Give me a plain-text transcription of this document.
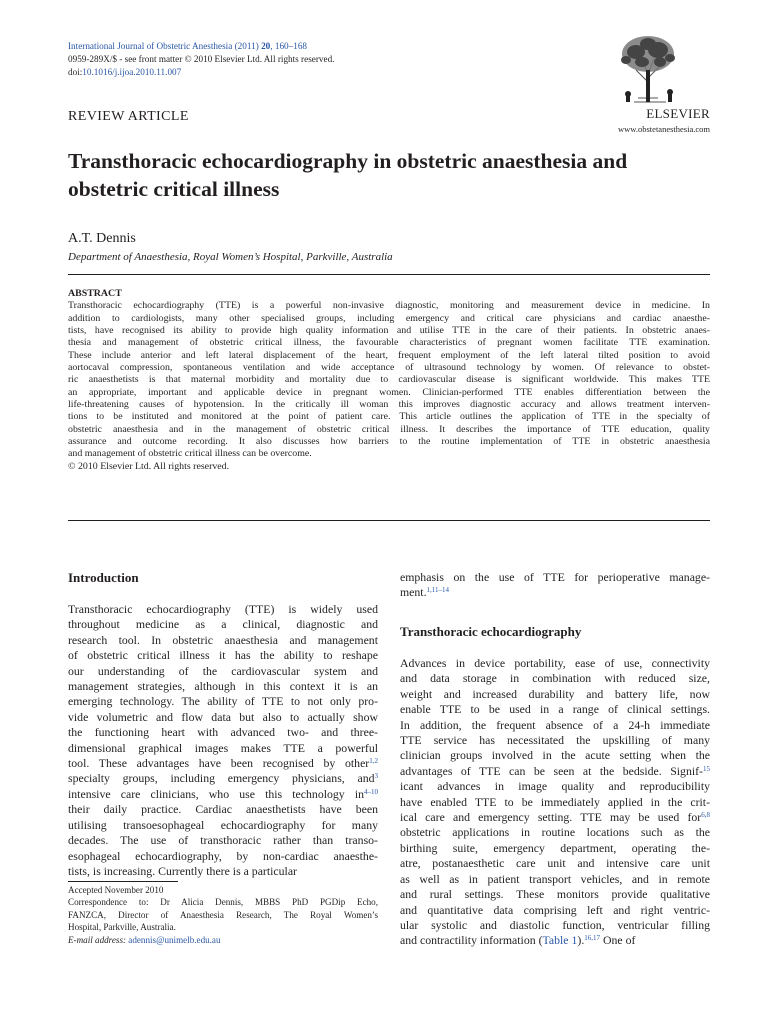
International Journal of Obstetric Anesthesia (2011) 20, 160–168
0959-289X/$ - see front matter © 2010 Elsevier Ltd. All rights reserved.
doi:10.1016/j.ijoa.2010.11.007
ELSEVIER
www.obstetanesthesia.com
REVIEW ARTICLE
Transthoracic echocardiography in obstetric anaesthesia and
obstetric critical illness
A.T. Dennis
Department of Anaesthesia, Royal Women’s Hospital, Parkville, Australia
ABSTRACT
Transthoracic echocardiography (TTE) is a powerful non-invasive diagnostic, monitoring and measurement device in medicine. In
addition to cardiologists, many other specialised groups, including emergency and critical care physicians and cardiac anaesthe-
tists, have recognised its ability to provide high quality information and utilise TTE in the care of their patients. In obstetric anaes-
thesia and management of obstetric critical illness, the favourable characteristics of pregnant women facilitate TTE examination.
These include anterior and left lateral displacement of the heart, frequent employment of the left lateral tilted position to avoid
aortocaval compression, spontaneous ventilation and wide acceptance of ultrasound technology by women. Of relevance to obstet-
ric anaesthetists is that maternal morbidity and mortality due to cardiovascular disease is significant worldwide. This makes TTE
an appropriate, important and applicable device in pregnant women. Clinician-performed TTE enables differentiation between the
life-threatening causes of hypotension. In the critically ill woman this improves diagnostic accuracy and allows treatment interven-
tions to be instituted and monitored at the point of patient care. This article outlines the application of TTE in the specialty of
obstetric anaesthesia and in the management of obstetric critical illness. It describes the importance of TTE education, quality
assurance and outcome recording. It also discusses how barriers to the routine implementation of TTE in obstetric anaesthesia
and management of obstetric critical illness can be overcome.
© 2010 Elsevier Ltd. All rights reserved.
Introduction
Transthoracic echocardiography (TTE) is widely used
throughout medicine as a clinical, diagnostic and
research tool. In obstetric anaesthesia and management
of obstetric critical illness it has the ability to reshape
our understanding of the cardiovascular system and
management strategies, although in this context it is an
emerging technology. The ability of TTE to not only pro-
vide volumetric and flow data but also to actually show
the functioning heart with advanced two- and three-
dimensional graphical images makes TTE a powerful
tool. These advantages have been recognised by other$^{1,2}$
specialty groups, including emergency physicians, and$^3$
intensive care clinicians, who use this technology $in^{4-10}$
their daily practice. Cardiac anaesthetists have been
utilising transoesophageal echocardiography for many
decades. The use of transthoracic rather than transo-
esophageal echocardiography, by non-cardiac anaesthe-
tists, is increasing. Currently there is a particular
Accepted November 2010
Correspondence to: Dr Alicia Dennis, MBBS PhD PGDip Echo,
FANZCA, Director of Anaesthesia Research, The Royal Women’s
Hospital, Parkville, Australia.
E-mail address: adennis@unimelb.edu.au
emphasis on the use of TTE for perioperative manage-
ment.$^{1,11-14}$
Transthoracic echocardiography
Advances in device portability, ease of use, connectivity
and data storage in combination with reduced size,
weight and increased durability and battery life, now
enable TTE to be used in a range of clinical settings.
In addition, the frequent absence of a 24-h immediate
TTE service has necessitated the upskilling of many
clinician groups involved in the acute setting when the
advantages of TTE can be seen at the bedside. Signif-$^{15}$
icant advances in image quality and reproducibility
have enabled TTE to be immediately applied in the crit-
ical care and emergency setting. TTE may be used for$^{6,8}$
obstetric applications in routine locations such as the
birthing suite, emergency department, operating the-
atre, postanaesthetic care unit and intensive care unit
as well as in patient transport vehicles, and in remote
and rural settings. These monitors provide qualitative
and quantitative data comprising left and right ventric-
ular systolic and diastolic function, ventricular filling
and contractility information (Table 1).$^{16,17}$ One of
